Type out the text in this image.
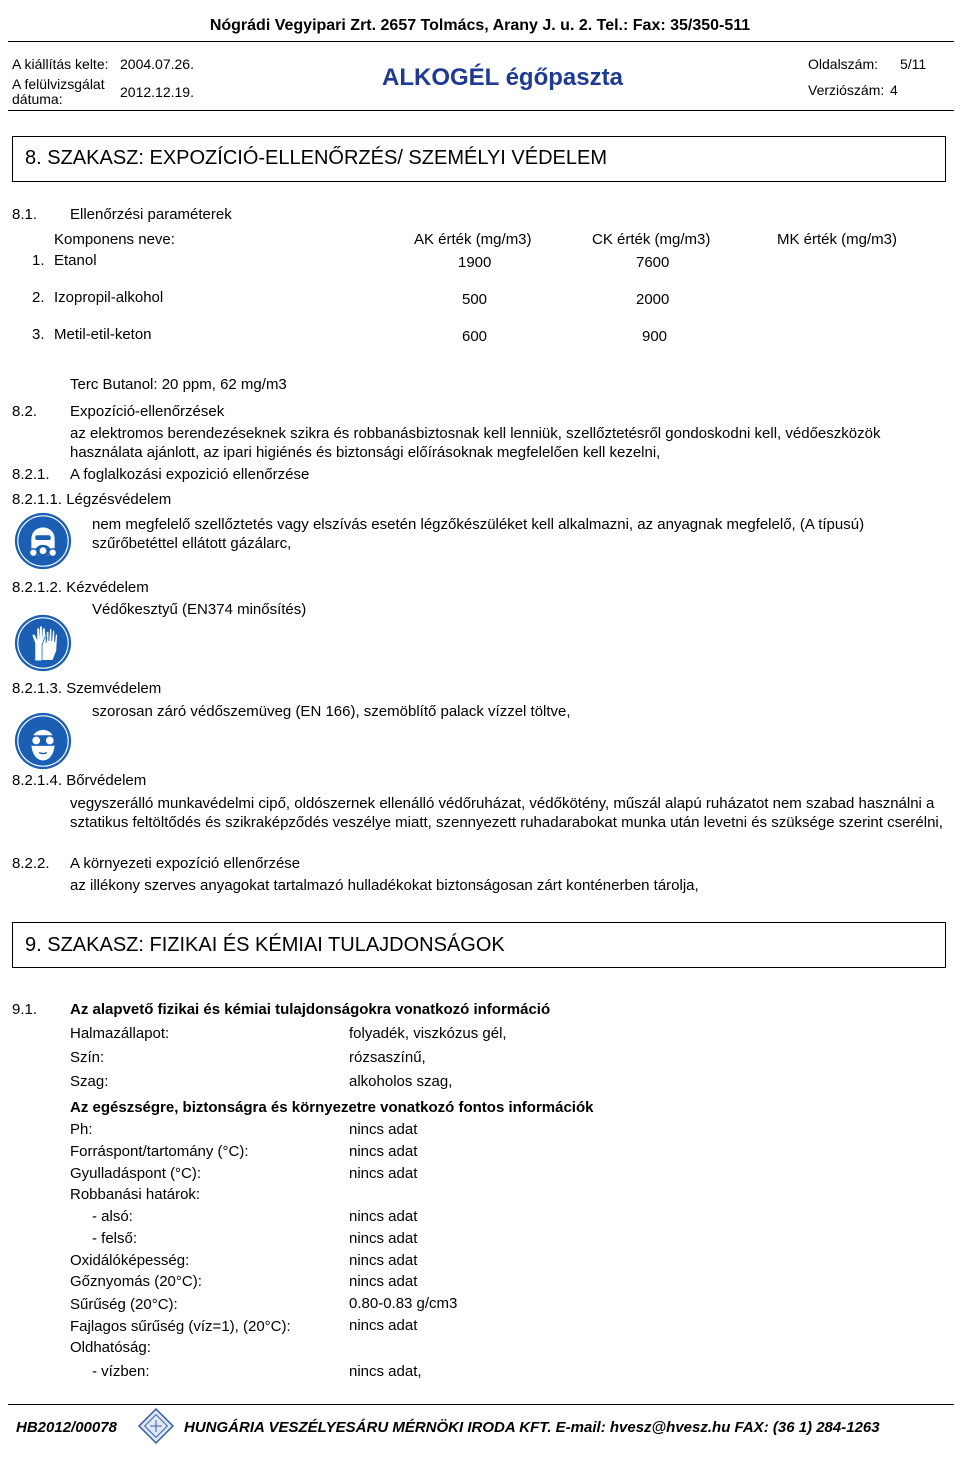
Nógrádi Vegyipari Zrt. 2657 Tolmács, Arany J. u. 2. Tel.: Fax: 35/350-511
A kiállítás kelte: 2004.07.26.
A felülvizsgálat
dátuma:	2012.12.19.
ALKOGÉL égőpaszta	Oldalszám: 5/11
Verziószám: 4
8. SZAKASZ: EXPOZÍCIÓ-ELLENŐRZÉS/ SZEMÉLYI VÉDELEM
8.1. Ellenőrzési paraméterek
Komponens neve:	AK érték (mg/m3)	CK érték (mg/m3)	MK érték (mg/m3)
1. Etanol	1900	7600
2. Izopropil-alkohol	500	2000
3. Metil-etil-keton	600	900
Terc Butanol: 20 ppm, 62 mg/m3
8.2. Expozíció-ellenőrzések
az elektromos berendezéseknek szikra és robbanásbiztosnak kell lenniük, szellőztetésről gondoskodni kell, védőeszközök használata ajánlott, az ipari higiénés és biztonsági előírásoknak megfelelően kell kezelni,
8.2.1. A foglalkozási expozició ellenőrzése
8.2.1.1. Légzésvédelem
nem megfelelő szellőztetés vagy elszívás esetén légzőkészüléket kell alkalmazni, az anyagnak megfelelő, (A típusú) szűrőbetéttel ellátott gázálarc,
8.2.1.2. Kézvédelem
Védőkesztyű (EN374 minősítés)
8.2.1.3. Szemvédelem
szorosan záró védőszemüveg (EN 166), szemöblítő palack vízzel töltve,
8.2.1.4. Bőrvédelem
vegyszerálló munkavédelmi cipő, oldószernek ellenálló védőruházat, védőkötény, műszál alapú ruházatot nem szabad használni a sztatikus feltöltődés és szikraképződés veszélye miatt, szennyezett ruhadarabokat munka után levetni és szüksége szerint cserélni,
8.2.2. A környezeti expozíció ellenőrzése
az illékony szerves anyagokat tartalmazó hulladékokat biztonságosan zárt konténerben tárolja,
9. SZAKASZ: FIZIKAI ÉS KÉMIAI TULAJDONSÁGOK
9.1. Az alapvető fizikai és kémiai tulajdonságokra vonatkozó információ
Halmazállapot:	folyadék, viszkózus gél,
Szín:	rózsaszínű,
Szag:	alkoholos szag,
Az egészségre, biztonságra és környezetre vonatkozó fontos információk
Ph:	nincs adat
Forráspont/tartomány (°C):	nincs adat
Gyulladáspont (°C):	nincs adat
Robbanási határok:
- alsó:	nincs adat
- felső:	nincs adat
Oxidálóképesség:	nincs adat
Gőznyomás (20°C):	nincs adat
Sűrűség (20°C):	0.80-0.83 g/cm3
Fajlagos sűrűség (víz=1), (20°C):	nincs adat
Oldhatóság:
- vízben:	nincs adat,
HB2012/00078	HUNGÁRIA VESZÉLYESÁRU MÉRNÖKI IRODA KFT. E-mail: hvesz@hvesz.hu FAX: (36 1) 284-1263
